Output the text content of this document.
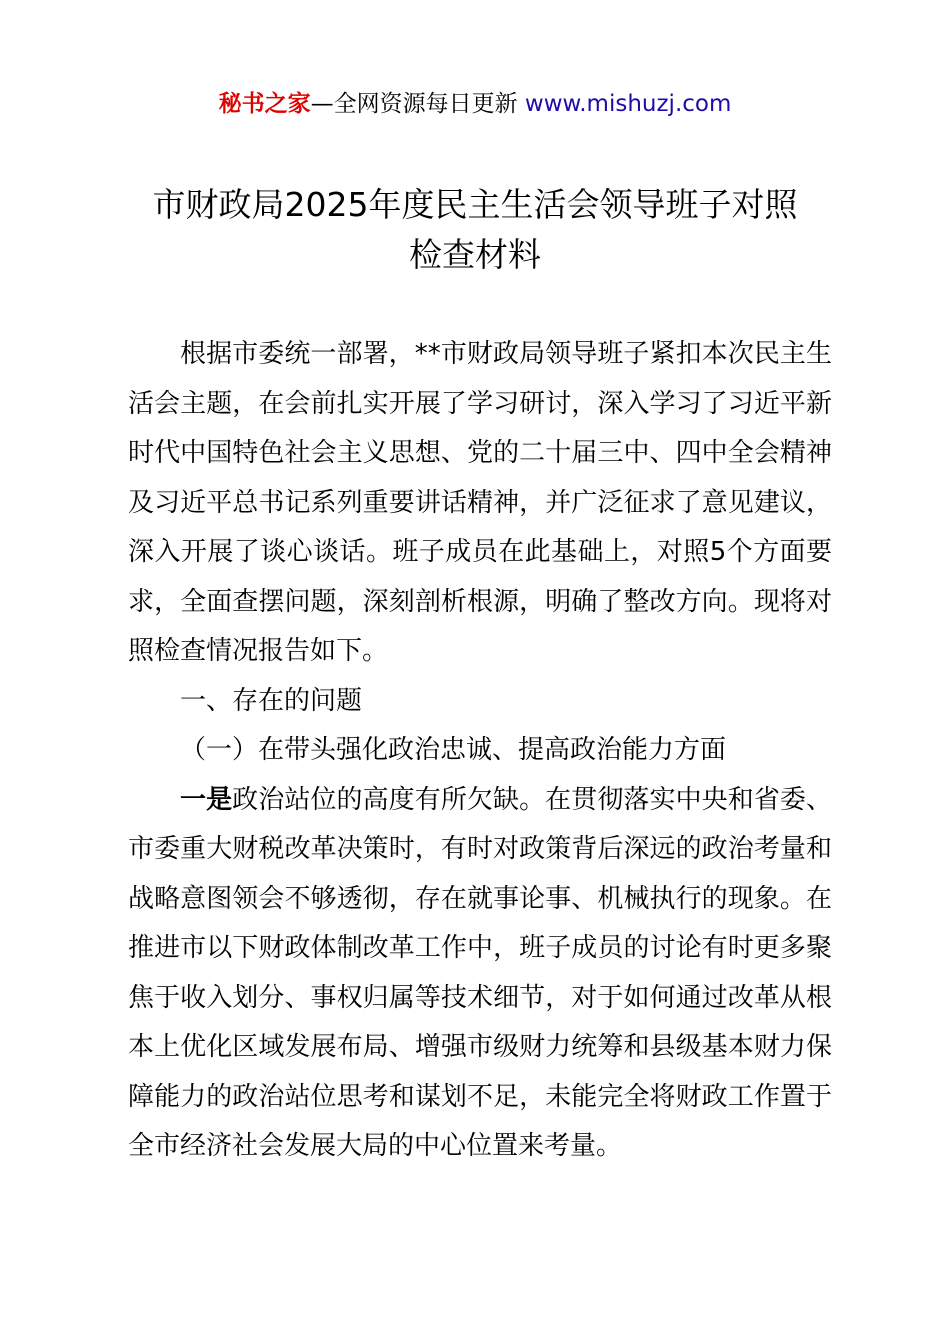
秘书之家—全网资源每日更新 www.mishuzj.com
市财政局2025年度民主生活会领导班子对照
检查材料

根据市委统一部署，**市财政局领导班子紧扣本次民主生活会主题，在会前扎实开展了学习研讨，深入学习了习近平新时代中国特色社会主义思想、党的二十届三中、四中全会精神及习近平总书记系列重要讲话精神，并广泛征求了意见建议，深入开展了谈心谈话。班子成员在此基础上，对照5个方面要求，全面查摆问题，深刻剖析根源，明确了整改方向。现将对照检查情况报告如下。

一、存在的问题

（一）在带头强化政治忠诚、提高政治能力方面

一是政治站位的高度有所欠缺。在贯彻落实中央和省委、市委重大财税改革决策时，有时对政策背后深远的政治考量和战略意图领会不够透彻，存在就事论事、机械执行的现象。在推进市以下财政体制改革工作中，班子成员的讨论有时更多聚焦于收入划分、事权归属等技术细节，对于如何通过改革从根本上优化区域发展布局、增强市级财力统筹和县级基本财力保障能力的政治站位思考和谋划不足，未能完全将财政工作置于全市经济社会发展大局的中心位置来考量。
